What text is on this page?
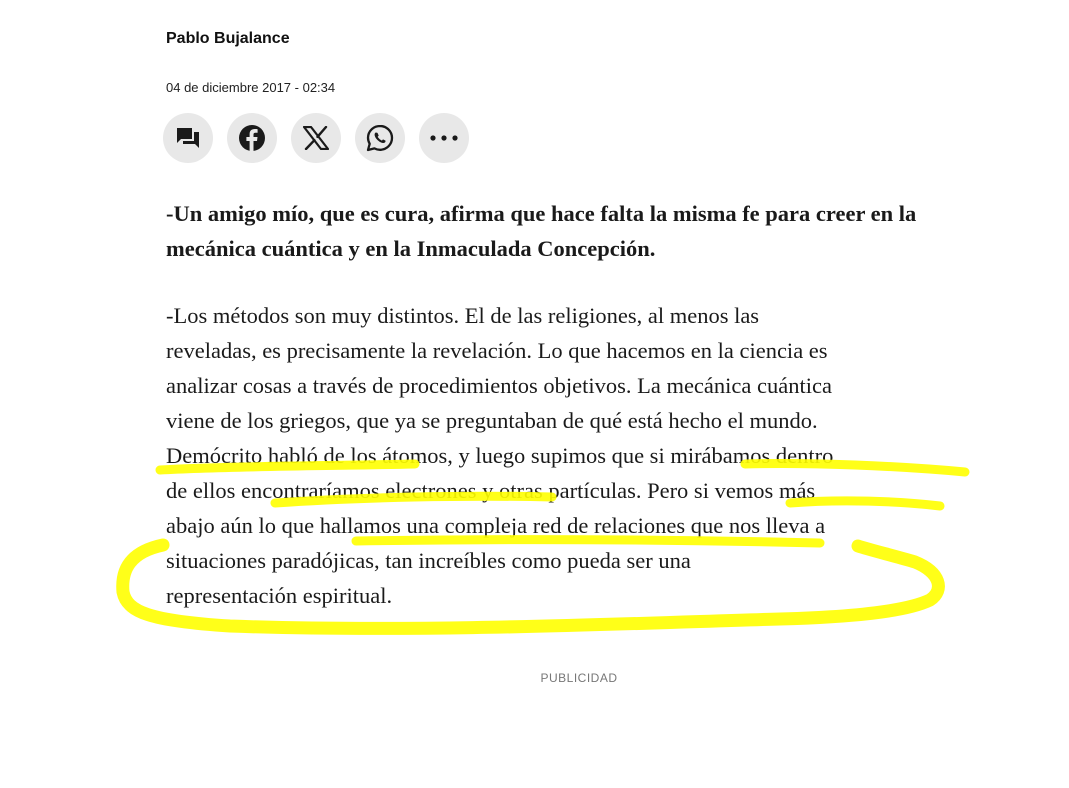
Pablo Bujalance

04 de diciembre 2017 - 02:34

-Un amigo mío, que es cura, afirma que hace falta la misma fe para creer en la mecánica cuántica y en la Inmaculada Concepción.

-Los métodos son muy distintos. El de las religiones, al menos las
reveladas, es precisamente la revelación. Lo que hacemos en la ciencia es
analizar cosas a través de procedimientos objetivos. La mecánica cuántica
viene de los griegos, que ya se preguntaban de qué está hecho el mundo.
Demócrito habló de los átomos, y luego supimos que si mirábamos dentro
de ellos encontraríamos electrones y otras partículas. Pero si vemos más
abajo aún lo que hallamos una compleja red de relaciones que nos lleva a
situaciones paradójicas, tan increíbles como pueda ser una
representación espiritual.
PUBLICIDAD
